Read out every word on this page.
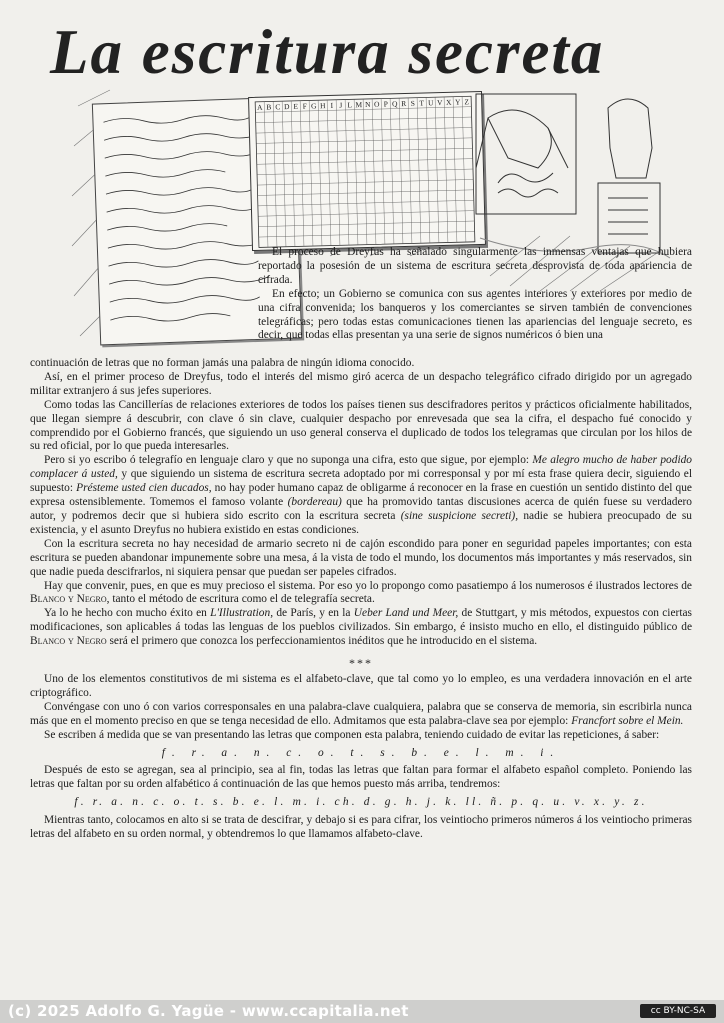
La escritura secreta
A B C D E F G H I J L M N O P Q R S T U V X Y Z

El proceso de Dreyfus ha señalado singularmente las inmensas ventajas que hubiera reportado la posesión de un sistema de escritura secreta desprovista de toda apariencia de cifrada.

En efecto; un Gobierno se comunica con sus agentes interiores y exteriores por medio de una cifra convenida; los banqueros y los comerciantes se sirven también de convenciones telegráficas; pero todas estas comunicaciones tienen las apariencias del lenguaje secreto, es decir, que todas ellas presentan ya una serie de signos numéricos ó bien una

continuación de letras que no forman jamás una palabra de ningún idioma conocido.

Así, en el primer proceso de Dreyfus, todo el interés del mismo giró acerca de un despacho telegráfico cifrado dirigido por un agregado militar extranjero á sus jefes superiores.

Como todas las Cancillerías de relaciones exteriores de todos los países tienen sus descifradores peritos y prácticos oficialmente habilitados, que llegan siempre á descubrir, con clave ó sin clave, cualquier despacho por enrevesada que sea la cifra, el despacho fué conocido y comprendido por el Gobierno francés, que siguiendo un uso general conserva el duplicado de todos los telegramas que circulan por los hilos de su red oficial, por lo que pueda interesarles.

Pero si yo escribo ó telegrafío en lenguaje claro y que no suponga una cifra, esto que sigue, por ejemplo: Me alegro mucho de haber podido complacer á usted, y que siguiendo un sistema de escritura secreta adoptado por mi corresponsal y por mí esta frase quiera decir, siguiendo el supuesto: Présteme usted cien ducados, no hay poder humano capaz de obligarme á reconocer en la frase en cuestión un sentido distinto del que expresa ostensiblemente. Tomemos el famoso volante (bordereau) que ha promovido tantas discusiones acerca de quién fuese su verdadero autor, y podremos decir que si hubiera sido escrito con la escritura secreta (sine suspicione secreti), nadie se hubiera preocupado de su existencia, y el asunto Dreyfus no hubiera existido en estas condiciones.

Con la escritura secreta no hay necesidad de armario secreto ni de cajón escondido para poner en seguridad papeles importantes; con esta escritura se pueden abandonar impunemente sobre una mesa, á la vista de todo el mundo, los documentos más importantes y más reservados, sin que nadie pueda descifrarlos, ni siquiera pensar que puedan ser papeles cifrados.

Hay que convenir, pues, en que es muy precioso el sistema. Por eso yo lo propongo como pasatiempo á los numerosos é ilustrados lectores de Blanco y Negro, tanto el método de escritura como el de telegrafía secreta.

Ya lo he hecho con mucho éxito en L'Illustration, de París, y en la Ueber Land und Meer, de Stuttgart, y mis métodos, expuestos con ciertas modificaciones, son aplicables á todas las lenguas de los pueblos civilizados. Sin embargo, é insisto mucho en ello, el distinguido público de Blanco y Negro será el primero que conozca los perfeccionamientos inéditos que he introducido en el sistema.

***

Uno de los elementos constitutivos de mi sistema es el alfabeto-clave, que tal como yo lo empleo, es una verdadera innovación en el arte criptográfico.

Convéngase con uno ó con varios corresponsales en una palabra-clave cualquiera, palabra que se conserva de memoria, sin escribirla nunca más que en el momento preciso en que se tenga necesidad de ello. Admitamos que esta palabra-clave sea por ejemplo: Francfort sobre el Mein.

Se escriben á medida que se van presentando las letras que componen esta palabra, teniendo cuidado de evitar las repeticiones, á saber:

f. r. a. n. c. o. t. s. b. e. l. m. i.

Después de esto se agregan, sea al principio, sea al fin, todas las letras que faltan para formar el alfabeto español completo. Poniendo las letras que faltan por su orden alfabético á continuación de las que hemos puesto más arriba, tendremos:

f. r. a. n. c. o. t. s. b. e. l. m. i. ch. d. g. h. j. k. ll. ñ. p. q. u. v. x. y. z.

Mientras tanto, colocamos en alto si se trata de descifrar, y debajo si es para cifrar, los veintiocho primeros números á los veintiocho primeras letras del alfabeto en su orden normal, y obtendremos lo que llamamos alfabeto-clave.

(c) 2025 Adolfo G. Yagüe - www.ccapitalia.net	cc BY-NC-SA
